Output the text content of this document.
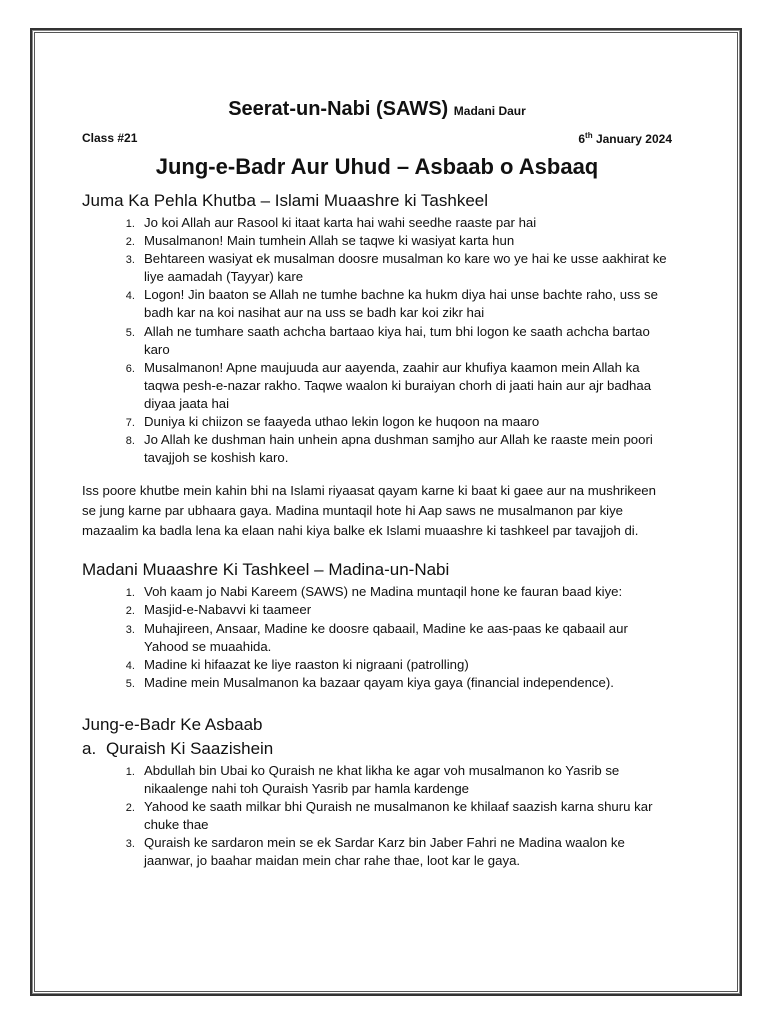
Seerat-un-Nabi (SAWS) Madani Daur
Class #21	6th January 2024
Jung-e-Badr Aur Uhud – Asbaab o Asbaaq
Juma Ka Pehla Khutba – Islami Muaashre ki Tashkeel
1. Jo koi Allah aur Rasool ki itaat karta hai wahi seedhe raaste par hai
2. Musalmanon! Main tumhein Allah se taqwe ki wasiyat karta hun
3. Behtareen wasiyat ek musalman doosre musalman ko kare wo ye hai ke usse aakhirat ke liye aamadah (Tayyar) kare
4. Logon! Jin baaton se Allah ne tumhe bachne ka hukm diya hai unse bachte raho, uss se badh kar na koi nasihat aur na uss se badh kar koi zikr hai
5. Allah ne tumhare saath achcha bartaao kiya hai, tum bhi logon ke saath achcha bartao karo
6. Musalmanon! Apne maujuuda aur aayenda, zaahir aur khufiya kaamon mein Allah ka taqwa pesh-e-nazar rakho. Taqwe waalon ki buraiyan chorh di jaati hain aur ajr badhaa diyaa jaata hai
7. Duniya ki chiizon se faayeda uthao lekin logon ke huqoon na maaro
8. Jo Allah ke dushman hain unhein apna dushman samjho aur Allah ke raaste mein poori tavajjoh se koshish karo.

Iss poore khutbe mein kahin bhi na Islami riyaasat qayam karne ki baat ki gaee aur na mushrikeen se jung karne par ubhaara gaya. Madina muntaqil hote hi Aap saws ne musalmanon par kiye mazaalim ka badla lena ka elaan nahi kiya balke ek Islami muaashre ki tashkeel par tavajjoh di.

Madani Muaashre Ki Tashkeel – Madina-un-Nabi
1. Voh kaam jo Nabi Kareem (SAWS) ne Madina muntaqil hone ke fauran baad kiye:
2. Masjid-e-Nabavvi ki taameer
3. Muhajireen, Ansaar, Madine ke doosre qabaail, Madine ke aas-paas ke qabaail aur Yahood se muaahida.
4. Madine ki hifaazat ke liye raaston ki nigraani (patrolling)
5. Madine mein Musalmanon ka bazaar qayam kiya gaya (financial independence).
Jung-e-Badr Ke Asbaab
a. Quraish Ki Saazishein
1. Abdullah bin Ubai ko Quraish ne khat likha ke agar voh musalmanon ko Yasrib se nikaalenge nahi toh Quraish Yasrib par hamla kardenge
2. Yahood ke saath milkar bhi Quraish ne musalmanon ke khilaaf saazish karna shuru kar chuke thae
3. Quraish ke sardaron mein se ek Sardar Karz bin Jaber Fahri ne Madina waalon ke jaanwar, jo baahar maidan mein char rahe thae, loot kar le gaya.
